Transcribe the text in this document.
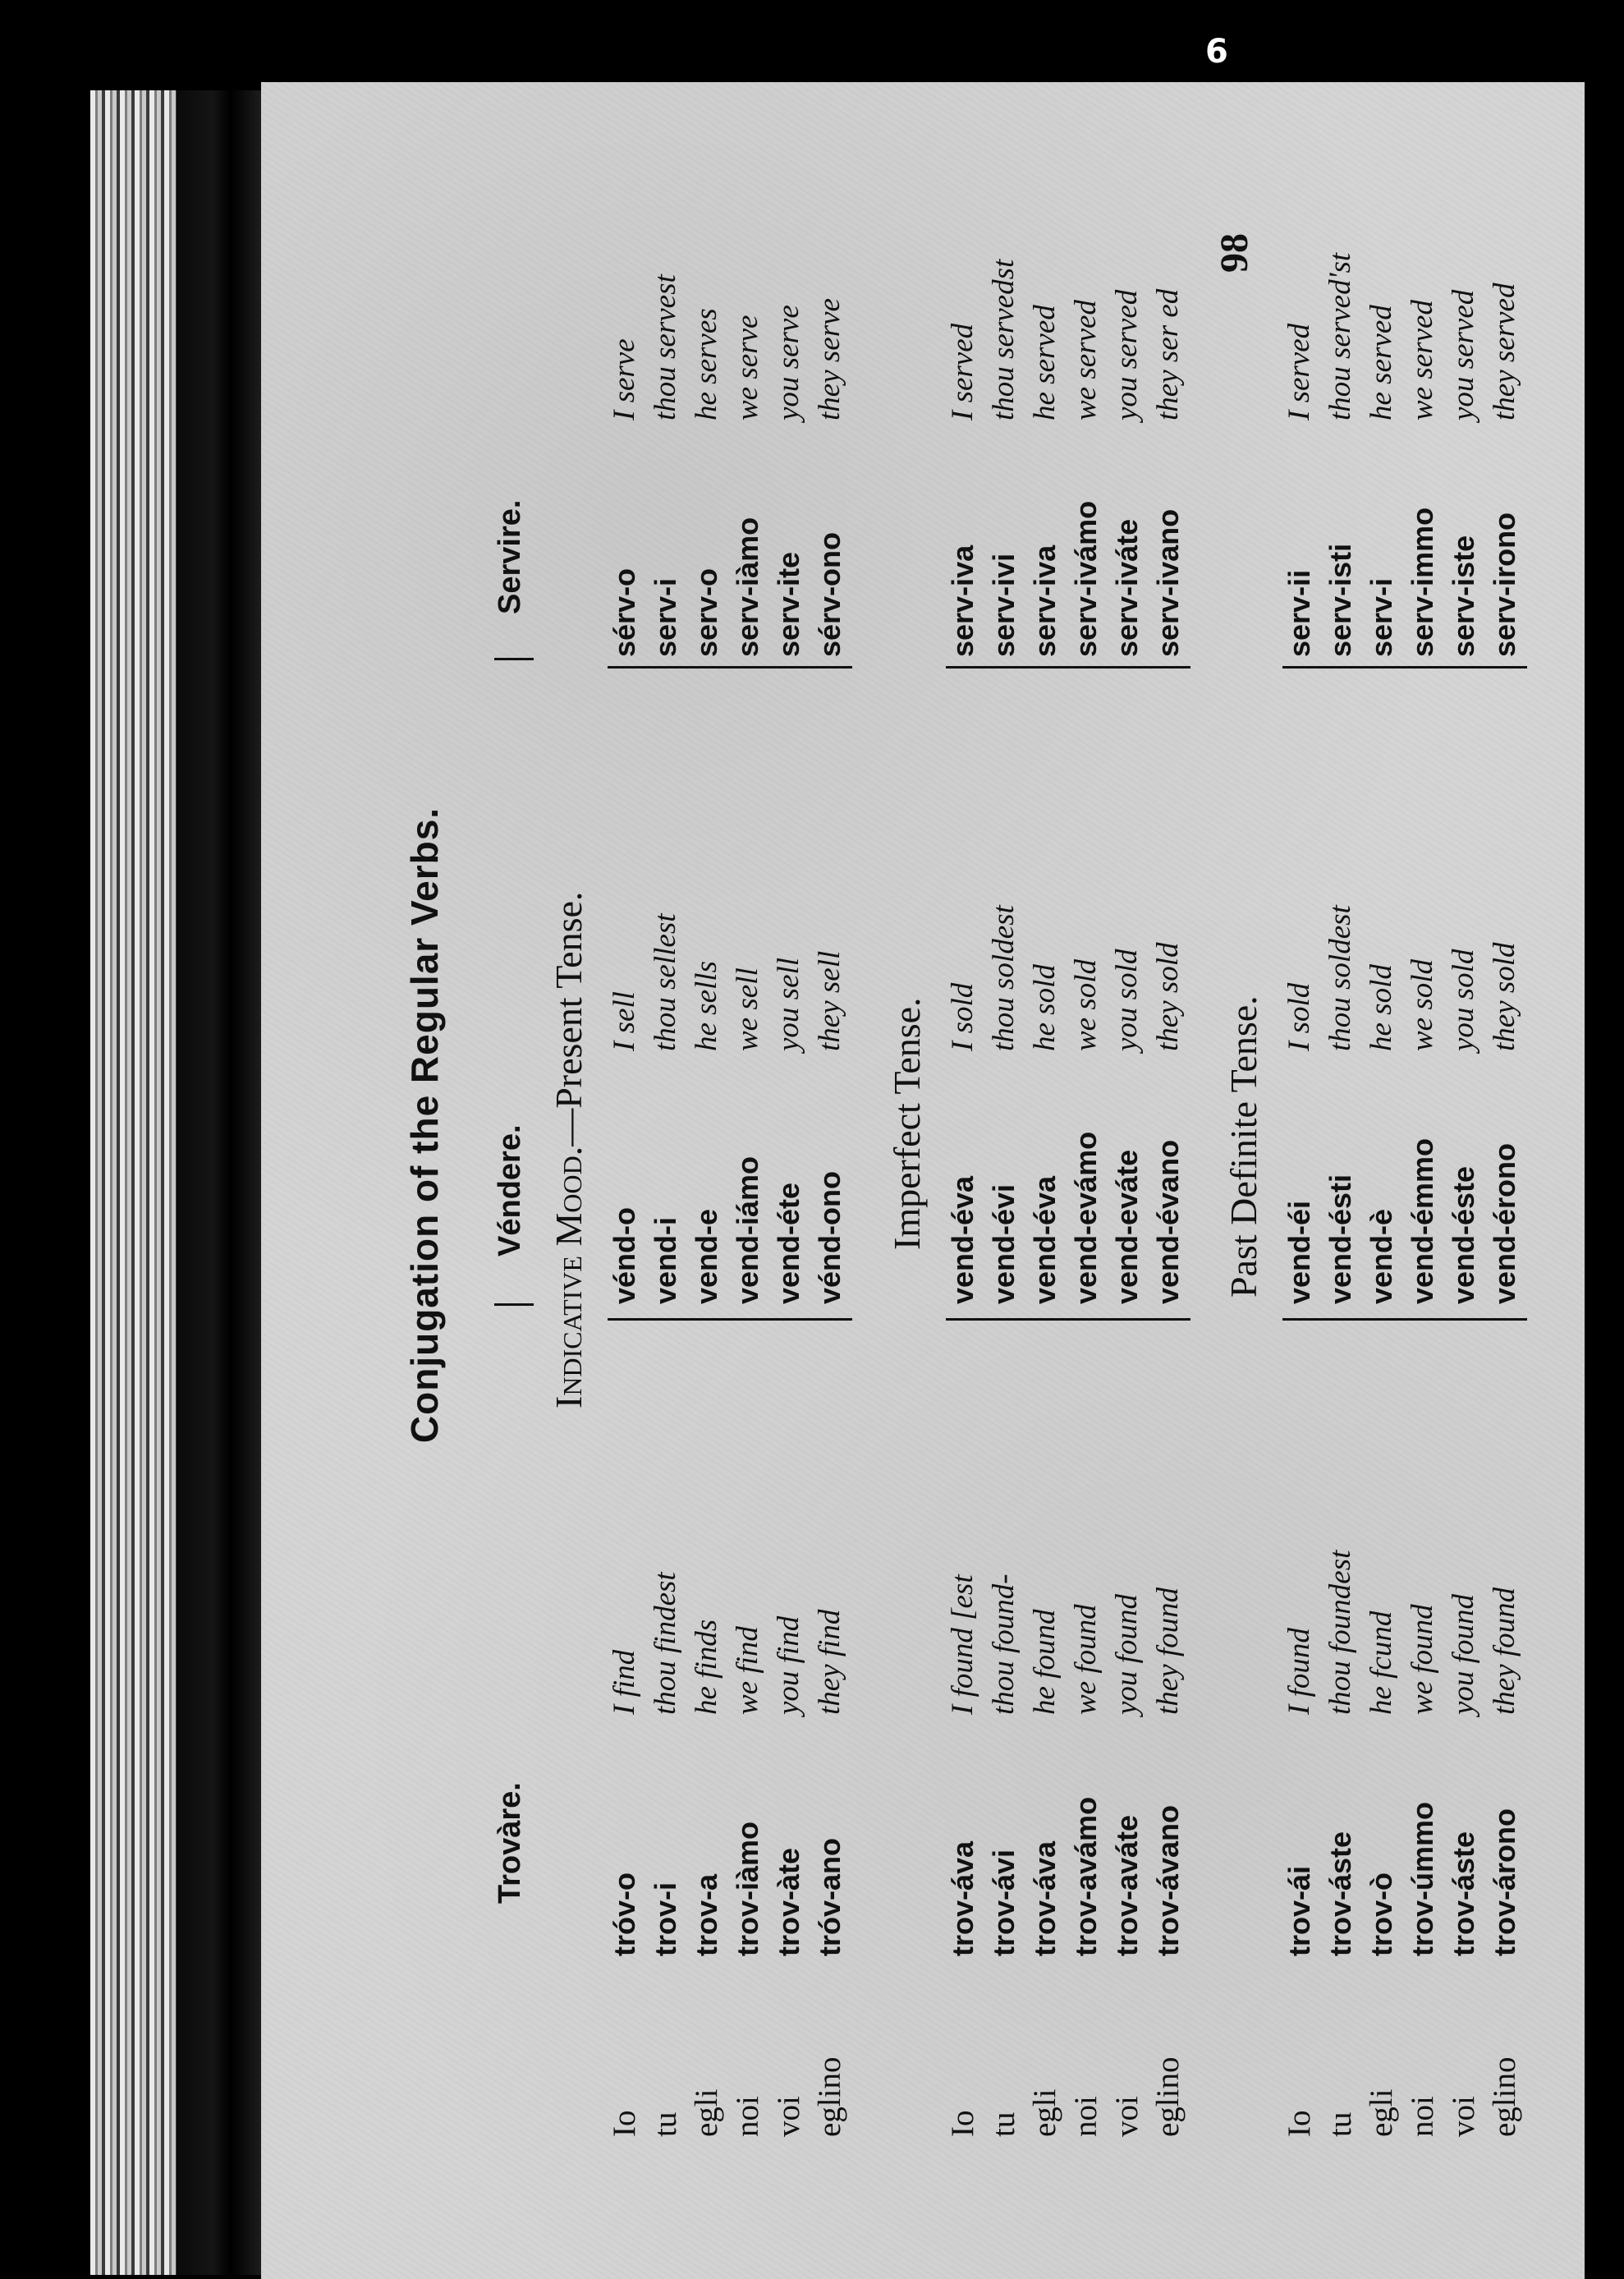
6
98
Conjugation of the Regular Verbs.
Trovàre.
Véndere.
Servire.
Indicative Mood.—Present Tense.	Imperfect Tense.	Past Definite Tense.
Io tu egli noi voi eglino
tróv-o trov-i trov-a trov-iàmo trov-àte tróv-ano
I find thou findest he finds we find you find they find
vénd-o vend-i vend-e vend-iámo vend-éte vénd-ono
I sell thou sellest he sells we sell you sell they sell
sérv-o serv-i serv-o serv-iàmo serv-ite sérv-ono
I serve thou servest he serves we serve you serve they serve
Io tu egli noi voi eglino
trov-áva trov-ávi trov-áva trov-avámo trov-aváte trov-ávano
I found [est thou found- he found we found you found they found
vend-éva vend-évi vend-éva vend-evámo vend-eváte vend-évano
I sold thou soldest he sold we sold you sold they sold
serv-iva serv-ivi serv-iva serv-ivámo serv-iváte serv-ivano
I served thou servedst he served we served you served they ser ed
Io tu egli noi voi eglino
trov-ái trov-áste trov-ò trov-úmmo trov-áste trov-árono
I found thou foundest he fcund we found you found they found
vend-éi vend-ésti vend-è vend-émmo vend-éste vend-érono
I sold thou soldest he sold we sold you sold they sold
serv-ii serv-isti serv-i serv-immo serv-iste serv-irono
I served thou served'st he served we served you served they served
